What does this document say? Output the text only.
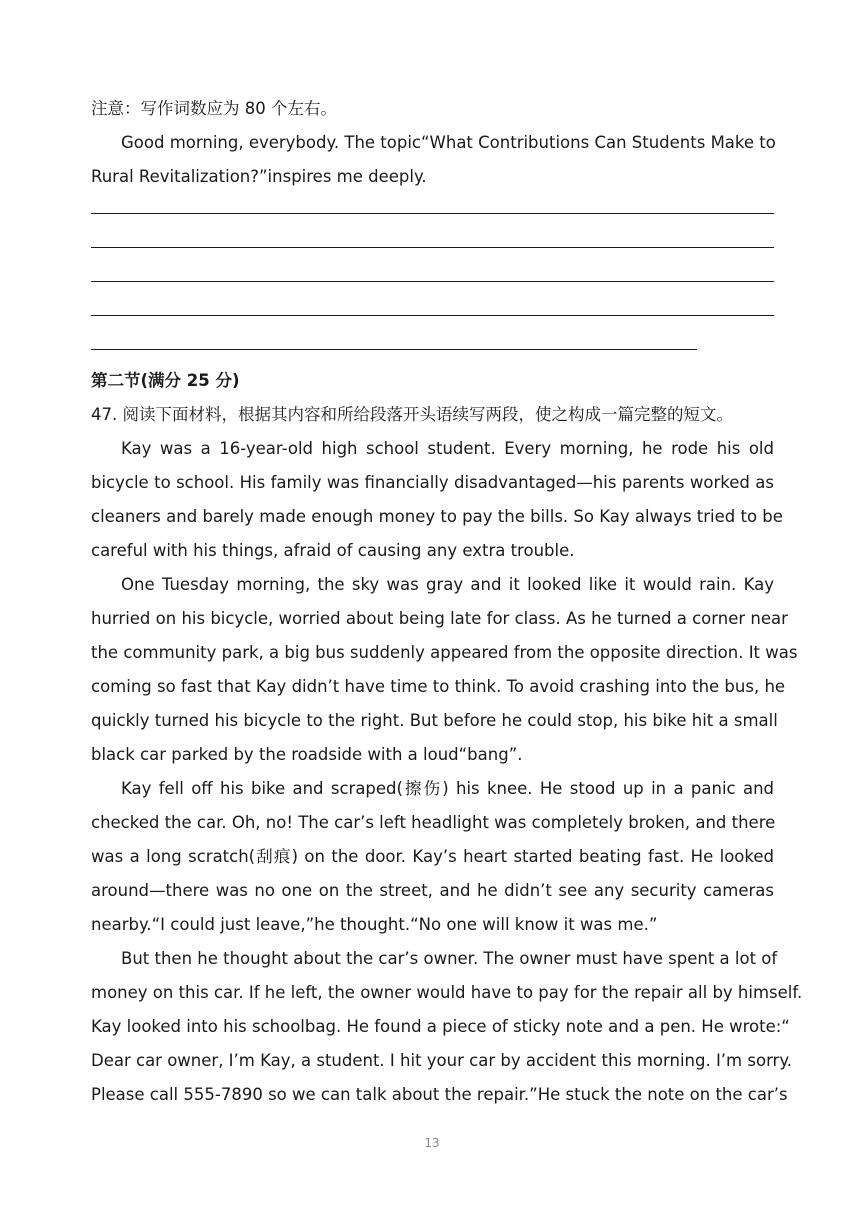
注意：写作词数应为 80 个左右。
Good morning, everybody. The topic“What Contributions Can Students Make to
Rural Revitalization?”inspires me deeply.
第二节(满分 25 分)
47. 阅读下面材料，根据其内容和所给段落开头语续写两段，使之构成一篇完整的短文。
Kay was a 16-year-old high school student. Every morning, he rode his old
bicycle to school. His family was financially disadvantaged—his parents worked as
cleaners and barely made enough money to pay the bills. So Kay always tried to be
careful with his things, afraid of causing any extra trouble.
One Tuesday morning, the sky was gray and it looked like it would rain. Kay
hurried on his bicycle, worried about being late for class. As he turned a corner near
the community park, a big bus suddenly appeared from the opposite direction. It was
coming so fast that Kay didn’t have time to think. To avoid crashing into the bus, he
quickly turned his bicycle to the right. But before he could stop, his bike hit a small
black car parked by the roadside with a loud“bang”.
Kay fell off his bike and scraped(擦伤) his knee. He stood up in a panic and
checked the car. Oh, no! The car’s left headlight was completely broken, and there
was a long scratch(刮痕) on the door. Kay’s heart started beating fast. He looked
around—there was no one on the street, and he didn’t see any security cameras
nearby.“I could just leave,”he thought.“No one will know it was me.”
But then he thought about the car’s owner. The owner must have spent a lot of
money on this car. If he left, the owner would have to pay for the repair all by himself.
Kay looked into his schoolbag. He found a piece of sticky note and a pen. He wrote:“
Dear car owner, I’m Kay, a student. I hit your car by accident this morning. I’m sorry.
Please call 555-7890 so we can talk about the repair.”He stuck the note on the car’s
13
